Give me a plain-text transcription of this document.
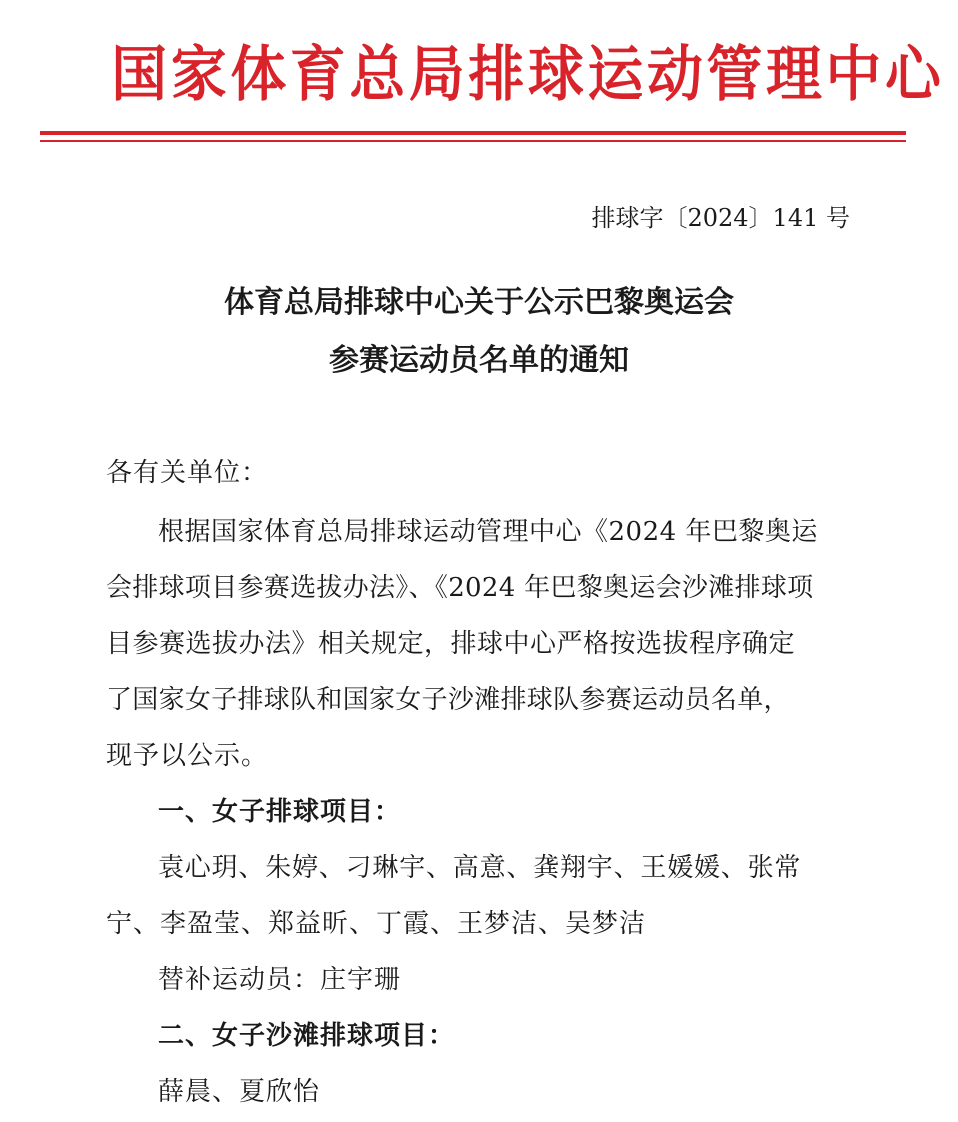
国家体育总局排球运动管理中心
排球字〔2024〕141 号
体育总局排球中心关于公示巴黎奥运会
参赛运动员名单的通知
各有关单位：
根据国家体育总局排球运动管理中心《2024 年巴黎奥运
会排球项目参赛选拔办法》、《2024 年巴黎奥运会沙滩排球项
目参赛选拔办法》相关规定，排球中心严格按选拔程序确定
了国家女子排球队和国家女子沙滩排球队参赛运动员名单，
现予以公示。
一、女子排球项目：
袁心玥、朱婷、刁琳宇、高意、龚翔宇、王媛媛、张常
宁、李盈莹、郑益昕、丁霞、王梦洁、吴梦洁
替补运动员：庄宇珊
二、女子沙滩排球项目：
薛晨、夏欣怡
